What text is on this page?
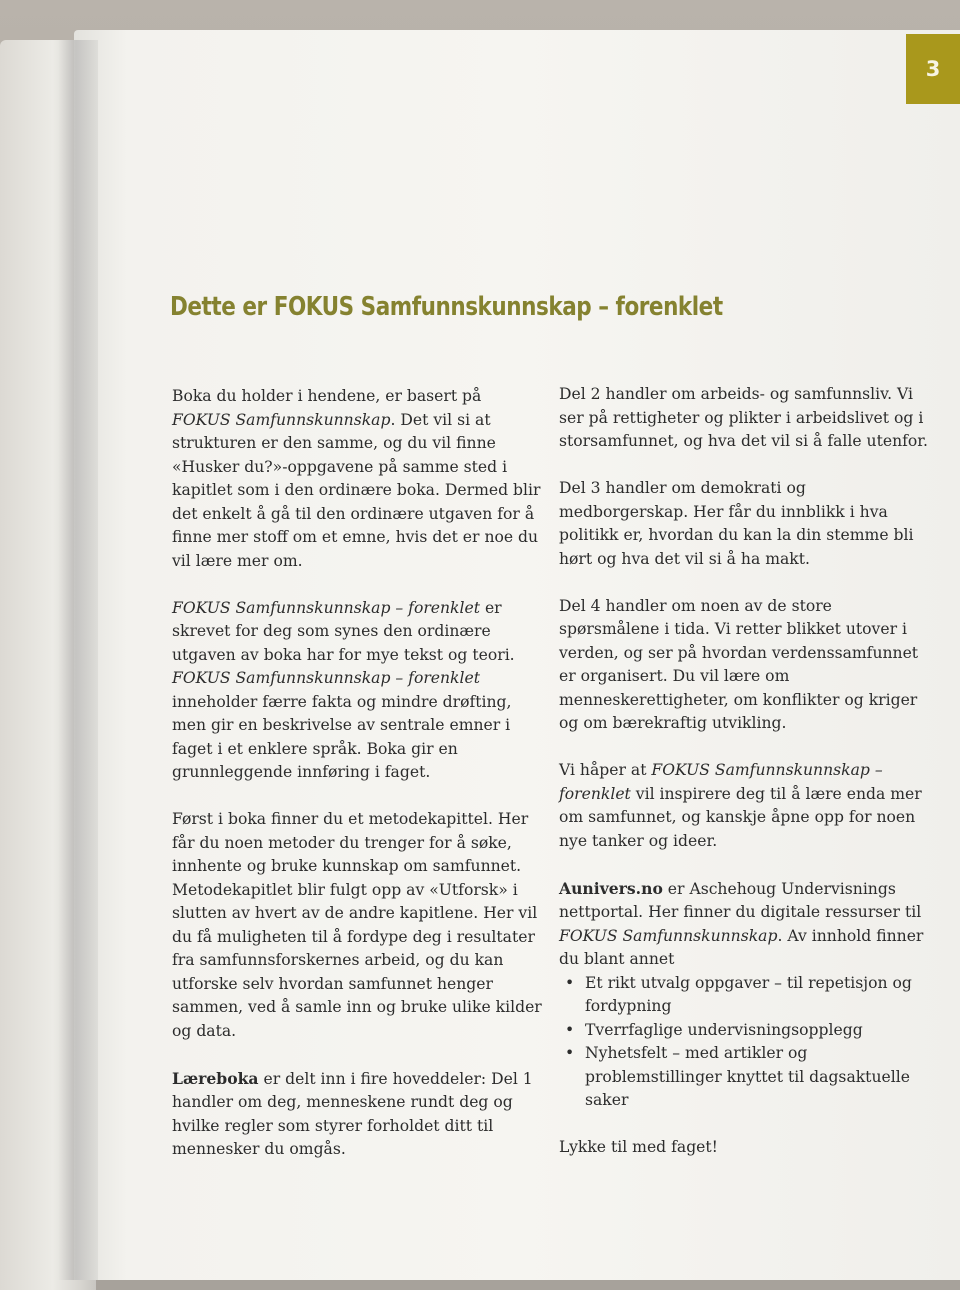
3
Dette er FOKUS Samfunnskunnskap – forenklet

Boka du holder i hendene, er basert på FOKUS Samfunnskunnskap. Det vil si at strukturen er den samme, og du vil finne «Husker du?»-oppgavene på samme sted i kapitlet som i den ordinære boka. Dermed blir det enkelt å gå til den ordinære utgaven for å finne mer stoff om et emne, hvis det er noe du vil lære mer om.

FOKUS Samfunnskunnskap – forenklet er skrevet for deg som synes den ordinære utgaven av boka har for mye tekst og teori. FOKUS Samfunnskunnskap – forenklet inneholder færre fakta og mindre drøfting, men gir en beskrivelse av sentrale emner i faget i et enklere språk. Boka gir en grunnleggende innføring i faget.

Først i boka finner du et metodekapittel. Her får du noen metoder du trenger for å søke, innhente og bruke kunnskap om samfunnet. Metodekapitlet blir fulgt opp av «Utforsk» i slutten av hvert av de andre kapitlene. Her vil du få muligheten til å fordype deg i resultater fra samfunnsforskernes arbeid, og du kan utforske selv hvordan samfunnet henger sammen, ved å samle inn og bruke ulike kilder og data.

Læreboka er delt inn i fire hoveddeler: Del 1 handler om deg, menneskene rundt deg og hvilke regler som styrer forholdet ditt til mennesker du omgås.

Del 2 handler om arbeids- og samfunnsliv. Vi ser på rettigheter og plikter i arbeidslivet og i storsamfunnet, og hva det vil si å falle utenfor.

Del 3 handler om demokrati og medborgerskap. Her får du innblikk i hva politikk er, hvordan du kan la din stemme bli hørt og hva det vil si å ha makt.

Del 4 handler om noen av de store spørsmålene i tida. Vi retter blikket utover i verden, og ser på hvordan verdenssamfunnet er organisert. Du vil lære om menneskerettigheter, om konflikter og kriger og om bærekraftig utvikling.

Vi håper at FOKUS Samfunnskunnskap – forenklet vil inspirere deg til å lære enda mer om samfunnet, og kanskje åpne opp for noen nye tanker og ideer.

Aunivers.no er Aschehoug Undervisnings nettportal. Her finner du digitale ressurser til FOKUS Samfunnskunnskap. Av innhold finner du blant annet

• Et rikt utvalg oppgaver – til repetisjon og fordypning
• Tverrfaglige undervisningsopplegg
• Nyhetsfelt – med artikler og problemstillinger knyttet til dagsaktuelle saker

Lykke til med faget!
